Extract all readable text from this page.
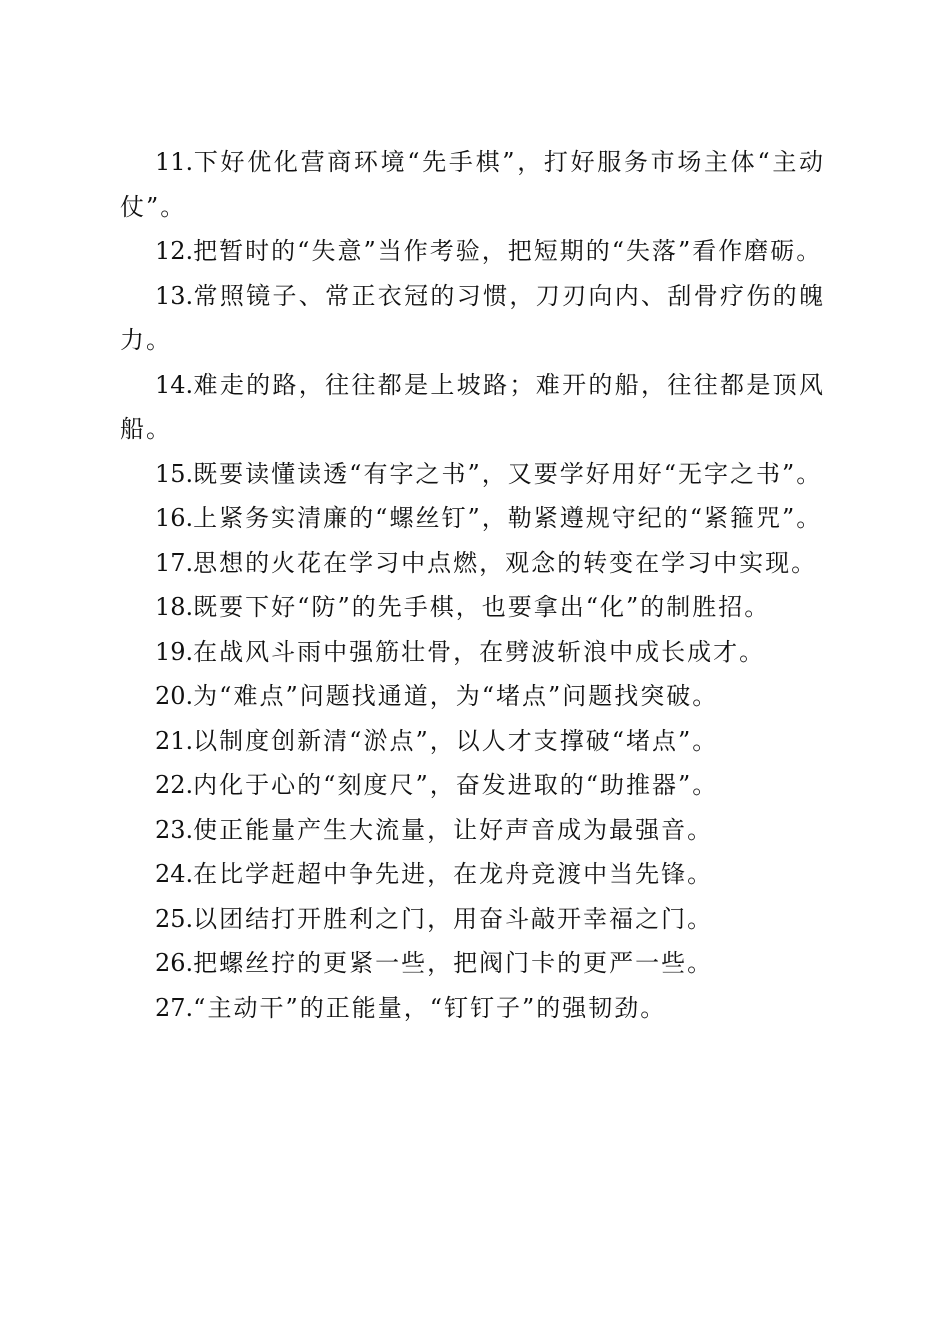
11.下好优化营商环境“先手棋”，打好服务市场主体“主动仗”。

12.把暂时的“失意”当作考验，把短期的“失落”看作磨砺。

13.常照镜子、常正衣冠的习惯，刀刃向内、刮骨疗伤的魄力。

14.难走的路，往往都是上坡路；难开的船，往往都是顶风船。

15.既要读懂读透“有字之书”，又要学好用好“无字之书”。

16.上紧务实清廉的“螺丝钉”，勒紧遵规守纪的“紧箍咒”。

17.思想的火花在学习中点燃，观念的转变在学习中实现。

18.既要下好“防”的先手棋，也要拿出“化”的制胜招。

19.在战风斗雨中强筋壮骨，在劈波斩浪中成长成才。

20.为“难点”问题找通道，为“堵点”问题找突破。

21.以制度创新清“淤点”，以人才支撑破“堵点”。

22.内化于心的“刻度尺”，奋发进取的“助推器”。

23.使正能量产生大流量，让好声音成为最强音。

24.在比学赶超中争先进，在龙舟竞渡中当先锋。

25.以团结打开胜利之门，用奋斗敲开幸福之门。

26.把螺丝拧的更紧一些，把阀门卡的更严一些。

27.“主动干”的正能量，“钉钉子”的强韧劲。
